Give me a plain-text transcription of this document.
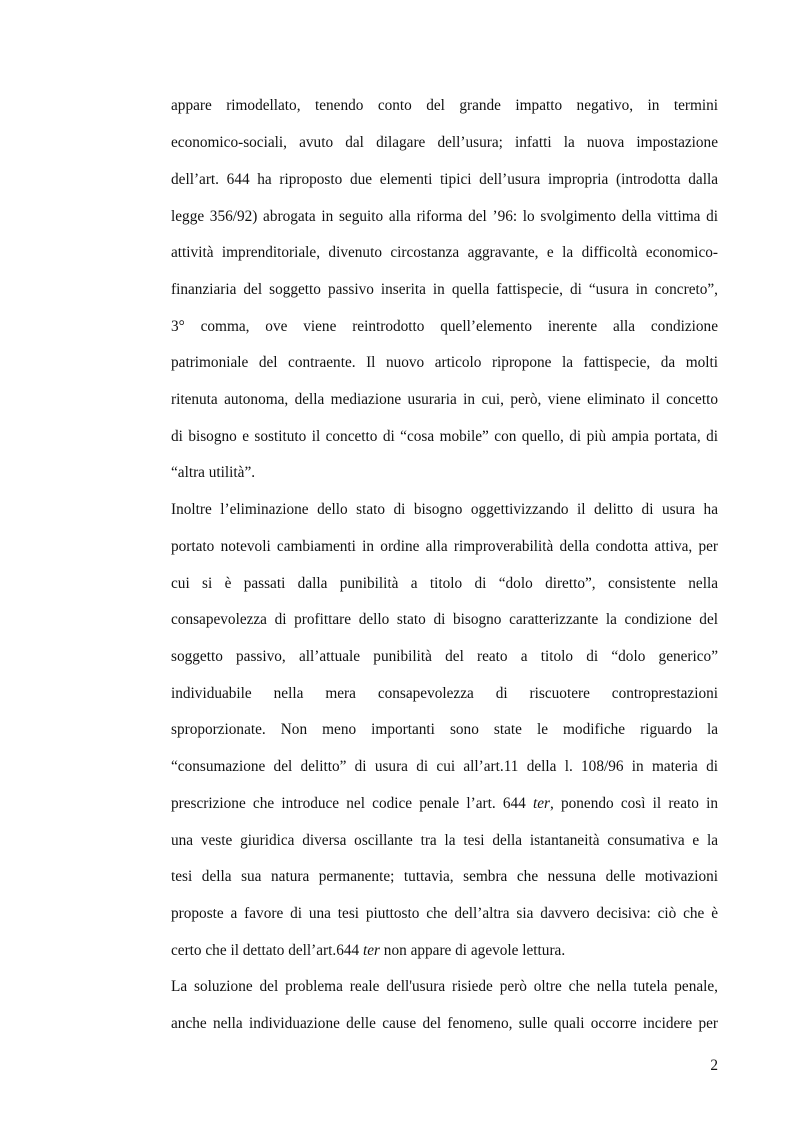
appare rimodellato, tenendo conto del grande impatto negativo, in termini
economico-sociali, avuto dal dilagare dell’usura; infatti la nuova impostazione
dell’art. 644 ha riproposto due elementi tipici dell’usura impropria (introdotta dalla
legge 356/92) abrogata in seguito alla riforma del ’96: lo svolgimento della vittima di
attività imprenditoriale, divenuto circostanza aggravante, e la difficoltà economico-
finanziaria del soggetto passivo inserita in quella fattispecie, di “usura in concreto”,
3° comma, ove viene reintrodotto quell’elemento inerente alla condizione
patrimoniale del contraente. Il nuovo articolo ripropone la fattispecie, da molti
ritenuta autonoma, della mediazione usuraria in cui, però, viene eliminato il concetto
di bisogno e sostituto il concetto di “cosa mobile” con quello, di più ampia portata, di
“altra utilità”.
Inoltre l’eliminazione dello stato di bisogno oggettivizzando il delitto di usura ha
portato notevoli cambiamenti in ordine alla rimproverabilità della condotta attiva, per
cui si è passati dalla punibilità a titolo di “dolo diretto”, consistente nella
consapevolezza di profittare dello stato di bisogno caratterizzante la condizione del
soggetto passivo, all’attuale punibilità del reato a titolo di “dolo generico”
individuabile nella mera consapevolezza di riscuotere controprestazioni
sproporzionate. Non meno importanti sono state le modifiche riguardo la
“consumazione del delitto” di usura di cui all’art.11 della l. 108/96 in materia di
prescrizione che introduce nel codice penale l’art. 644 ter, ponendo così il reato in
una veste giuridica diversa oscillante tra la tesi della istantaneità consumativa e la
tesi della sua natura permanente; tuttavia, sembra che nessuna delle motivazioni
proposte a favore di una tesi piuttosto che dell’altra sia davvero decisiva: ciò che è
certo che il dettato dell’art.644 ter non appare di agevole lettura.
La soluzione del problema reale dell'usura risiede però oltre che nella tutela penale,
anche nella individuazione delle cause del fenomeno, sulle quali occorre incidere per
2
